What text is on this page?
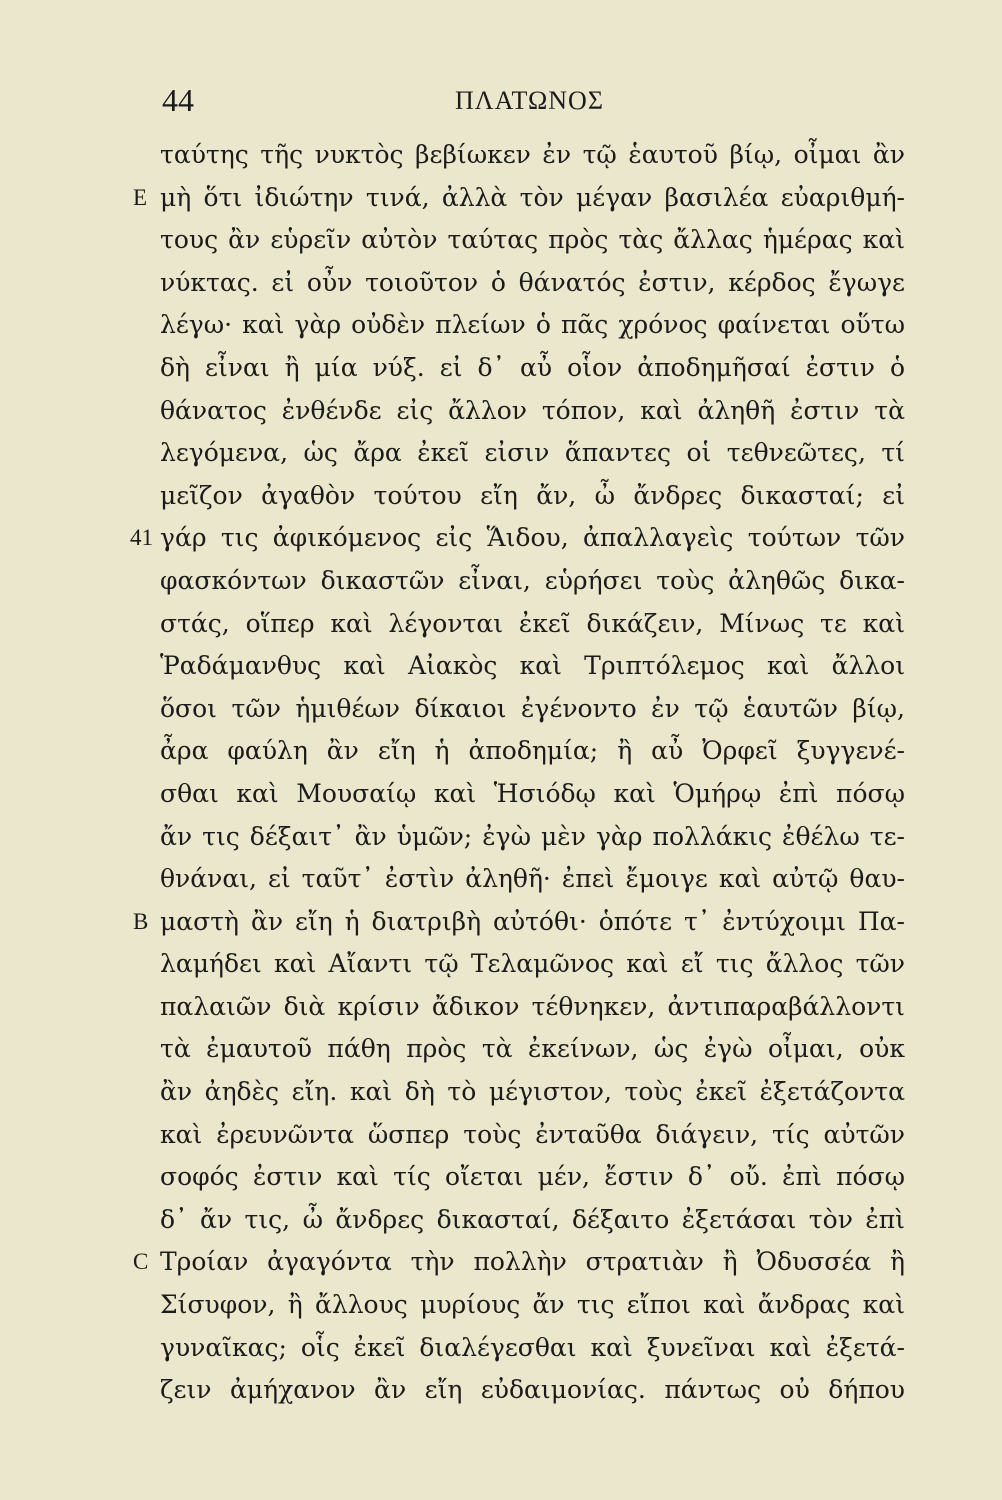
44	ΠΛΑΤΩΝΟΣ
ταύτης τῆς νυκτὸς βεβίωκεν ἐν τῷ ἑαυτοῦ βίῳ, οἶμαι ἂν
E μὴ ὅτι ἰδιώτην τινά, ἀλλὰ τὸν μέγαν βασιλέα εὐαριθμή-
τους ἂν εὑρεῖν αὐτὸν ταύτας πρὸς τὰς ἄλλας ἡμέρας καὶ
νύκτας. εἰ οὖν τοιοῦτον ὁ θάνατός ἐστιν, κέρδος ἔγωγε
λέγω· καὶ γὰρ οὐδὲν πλείων ὁ πᾶς χρόνος φαίνεται οὕτω
δὴ εἶναι ἢ μία νύξ. εἰ δ᾿ αὖ οἷον ἀποδημῆσαί ἐστιν ὁ
θάνατος ἐνθένδε εἰς ἄλλον τόπον, καὶ ἀληθῆ ἐστιν τὰ
λεγόμενα, ὡς ἄρα ἐκεῖ εἰσιν ἅπαντες οἱ τεθνεῶτες, τί
μεῖζον ἀγαθὸν τούτου εἴη ἄν, ὦ ἄνδρες δικασταί; εἰ
41 γάρ τις ἀφικόμενος εἰς Ἅιδου, ἀπαλλαγεὶς τούτων τῶν
φασκόντων δικαστῶν εἶναι, εὑρήσει τοὺς ἀληθῶς δικα-
στάς, οἵπερ καὶ λέγονται ἐκεῖ δικάζειν, Μίνως τε καὶ
Ῥαδάμανθυς καὶ Αἰακὸς καὶ Τριπτόλεμος καὶ ἄλλοι
ὅσοι τῶν ἡμιθέων δίκαιοι ἐγένοντο ἐν τῷ ἑαυτῶν βίῳ,
ἆρα φαύλη ἂν εἴη ἡ ἀποδημία; ἢ αὖ Ὀρφεῖ ξυγγενέ-
σθαι καὶ Μουσαίῳ καὶ Ἡσιόδῳ καὶ Ὁμήρῳ ἐπὶ πόσῳ
ἄν τις δέξαιτ᾿ ἂν ὑμῶν; ἐγὼ μὲν γὰρ πολλάκις ἐθέλω τε-
θνάναι, εἰ ταῦτ᾿ ἐστὶν ἀληθῆ· ἐπεὶ ἔμοιγε καὶ αὐτῷ θαυ-
B μαστὴ ἂν εἴη ἡ διατριβὴ αὐτόθι· ὁπότε τ᾿ ἐντύχοιμι Πα-
λαμήδει καὶ Αἴαντι τῷ Τελαμῶνος καὶ εἴ τις ἄλλος τῶν
παλαιῶν διὰ κρίσιν ἄδικον τέθνηκεν, ἀντιπαραβάλλοντι
τὰ ἐμαυτοῦ πάθη πρὸς τὰ ἐκείνων, ὡς ἐγὼ οἶμαι, οὐκ
ἂν ἀηδὲς εἴη. καὶ δὴ τὸ μέγιστον, τοὺς ἐκεῖ ἐξετάζοντα
καὶ ἐρευνῶντα ὥσπερ τοὺς ἐνταῦθα διάγειν, τίς αὐτῶν
σοφός ἐστιν καὶ τίς οἴεται μέν, ἔστιν δ᾿ οὔ. ἐπὶ πόσῳ
δ᾿ ἄν τις, ὦ ἄνδρες δικασταί, δέξαιτο ἐξετάσαι τὸν ἐπὶ
C Τροίαν ἀγαγόντα τὴν πολλὴν στρατιὰν ἢ Ὀδυσσέα ἢ
Σίσυφον, ἢ ἄλλους μυρίους ἄν τις εἴποι καὶ ἄνδρας καὶ
γυναῖκας; οἷς ἐκεῖ διαλέγεσθαι καὶ ξυνεῖναι καὶ ἐξετά-
ζειν ἀμήχανον ἂν εἴη εὐδαιμονίας. πάντως οὐ δήπου
